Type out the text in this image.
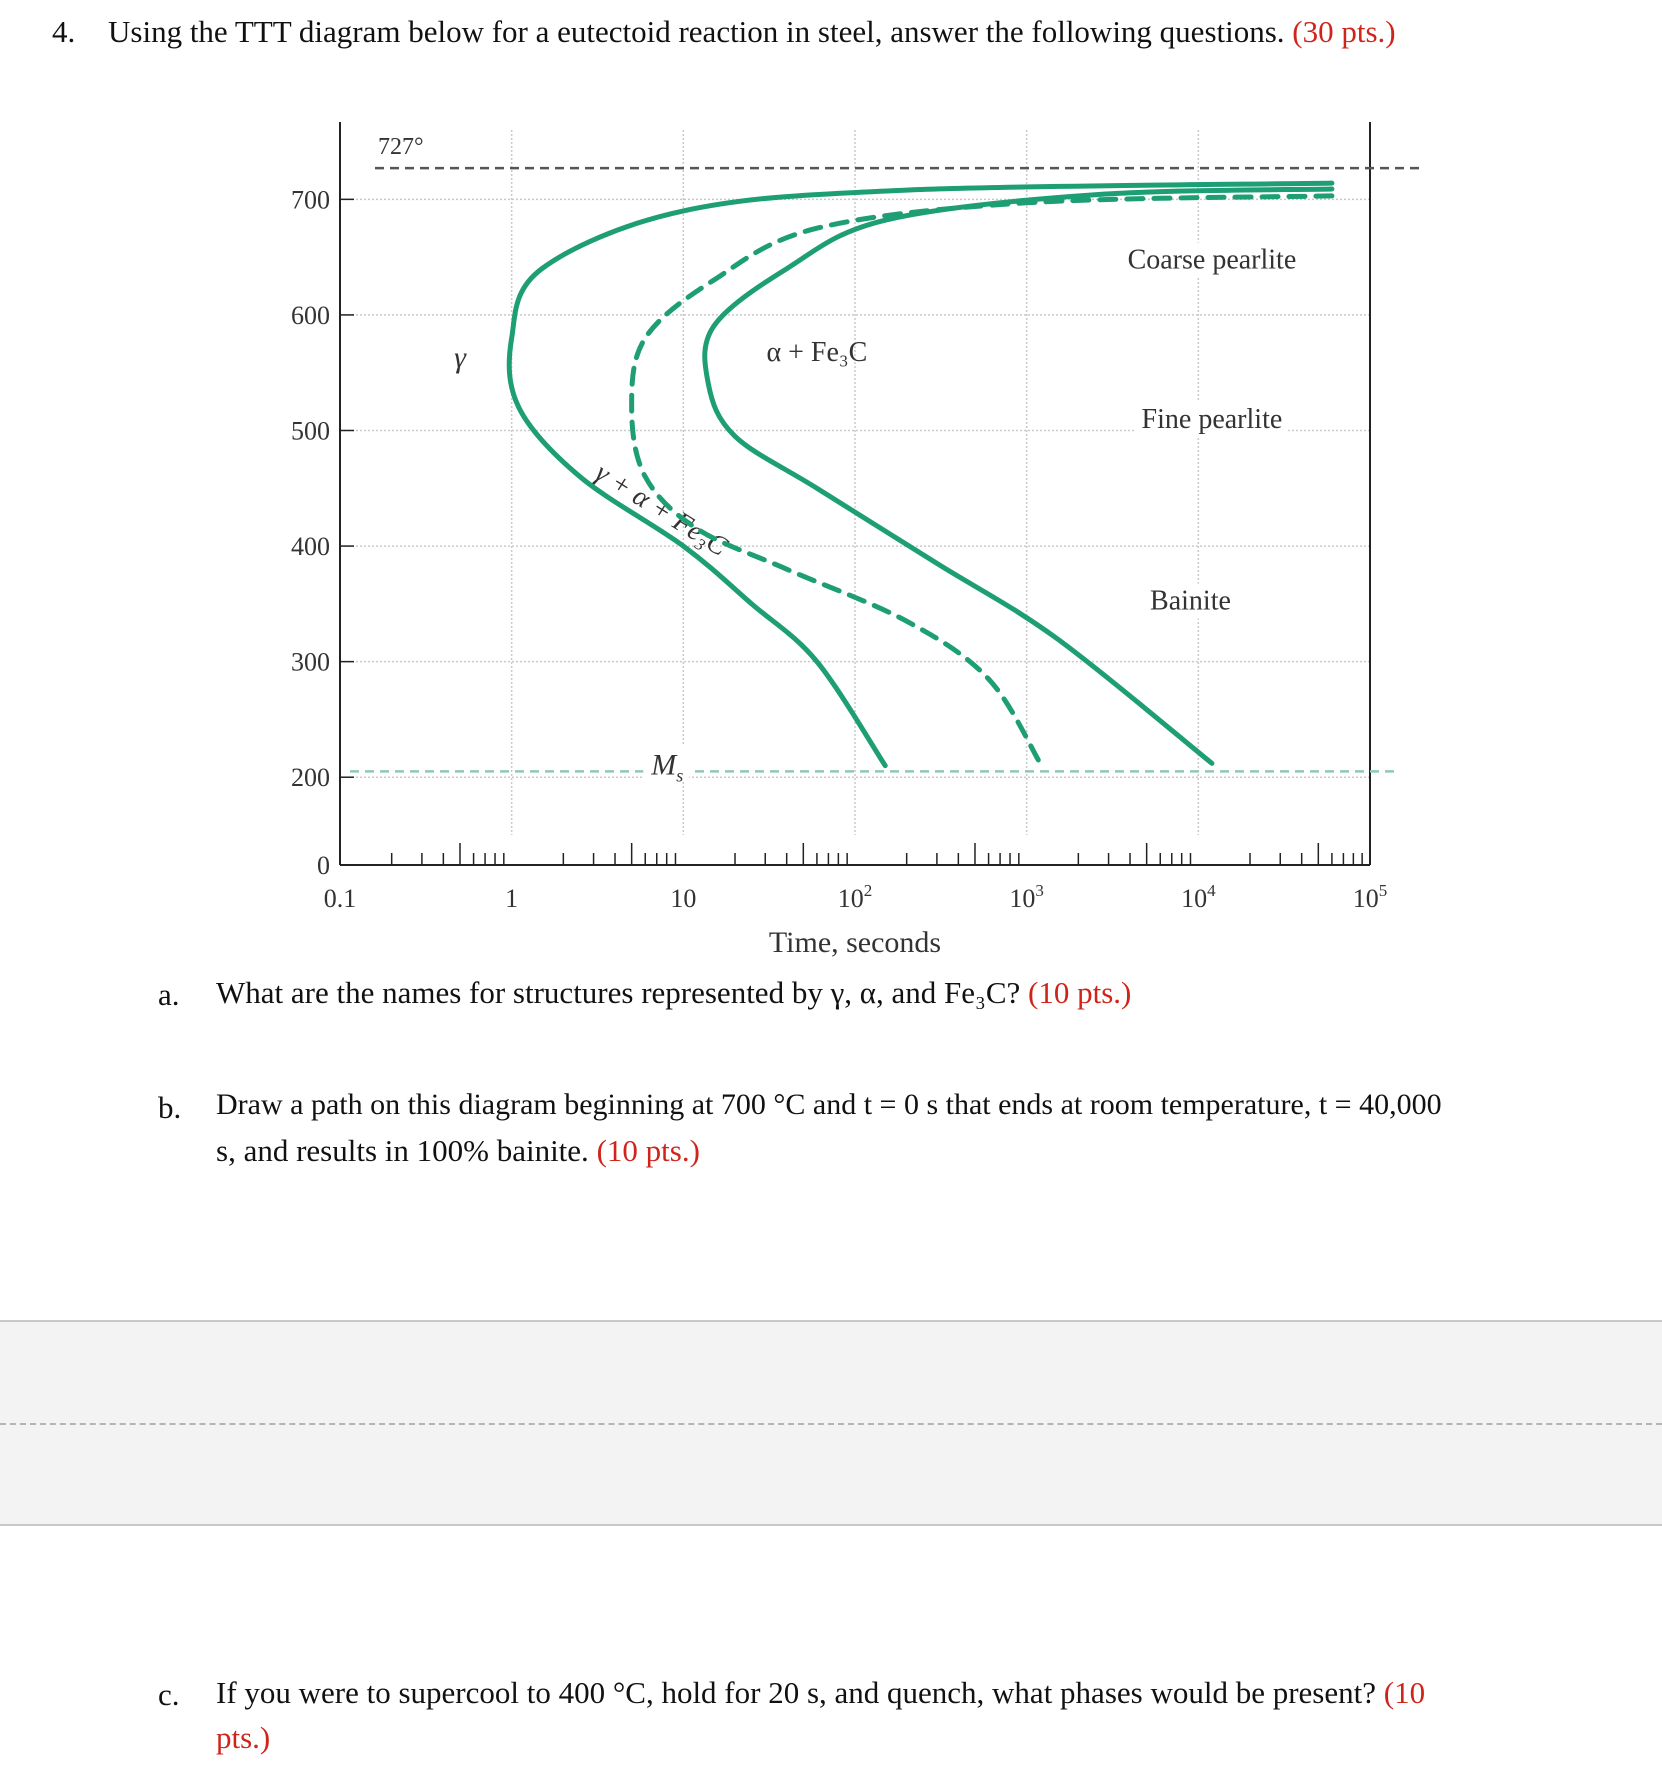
4. Using the TTT diagram below for a eutectoid reaction in steel, answer the following questions. (30 pts.)
700
600
500
400
300
200
0
0.1	1	10	$10^2$	$10^3$	$10^4$	$10^5$
Time, seconds
727°
$M_s$
γ	α + Fe₃C
Coarse pearlite
Fine pearlite
Bainite
γ + α + Fe₃C
a. What are the names for structures represented by γ, α, and Fe₃C? (10 pts.)
b. Draw a path on this diagram beginning at 700 °C and t = 0 s that ends at room temperature, t = 40,000
s, and results in 100% bainite. (10 pts.)
c. If you were to supercool to 400 °C, hold for 20 s, and quench, what phases would be present? (10
pts.)
